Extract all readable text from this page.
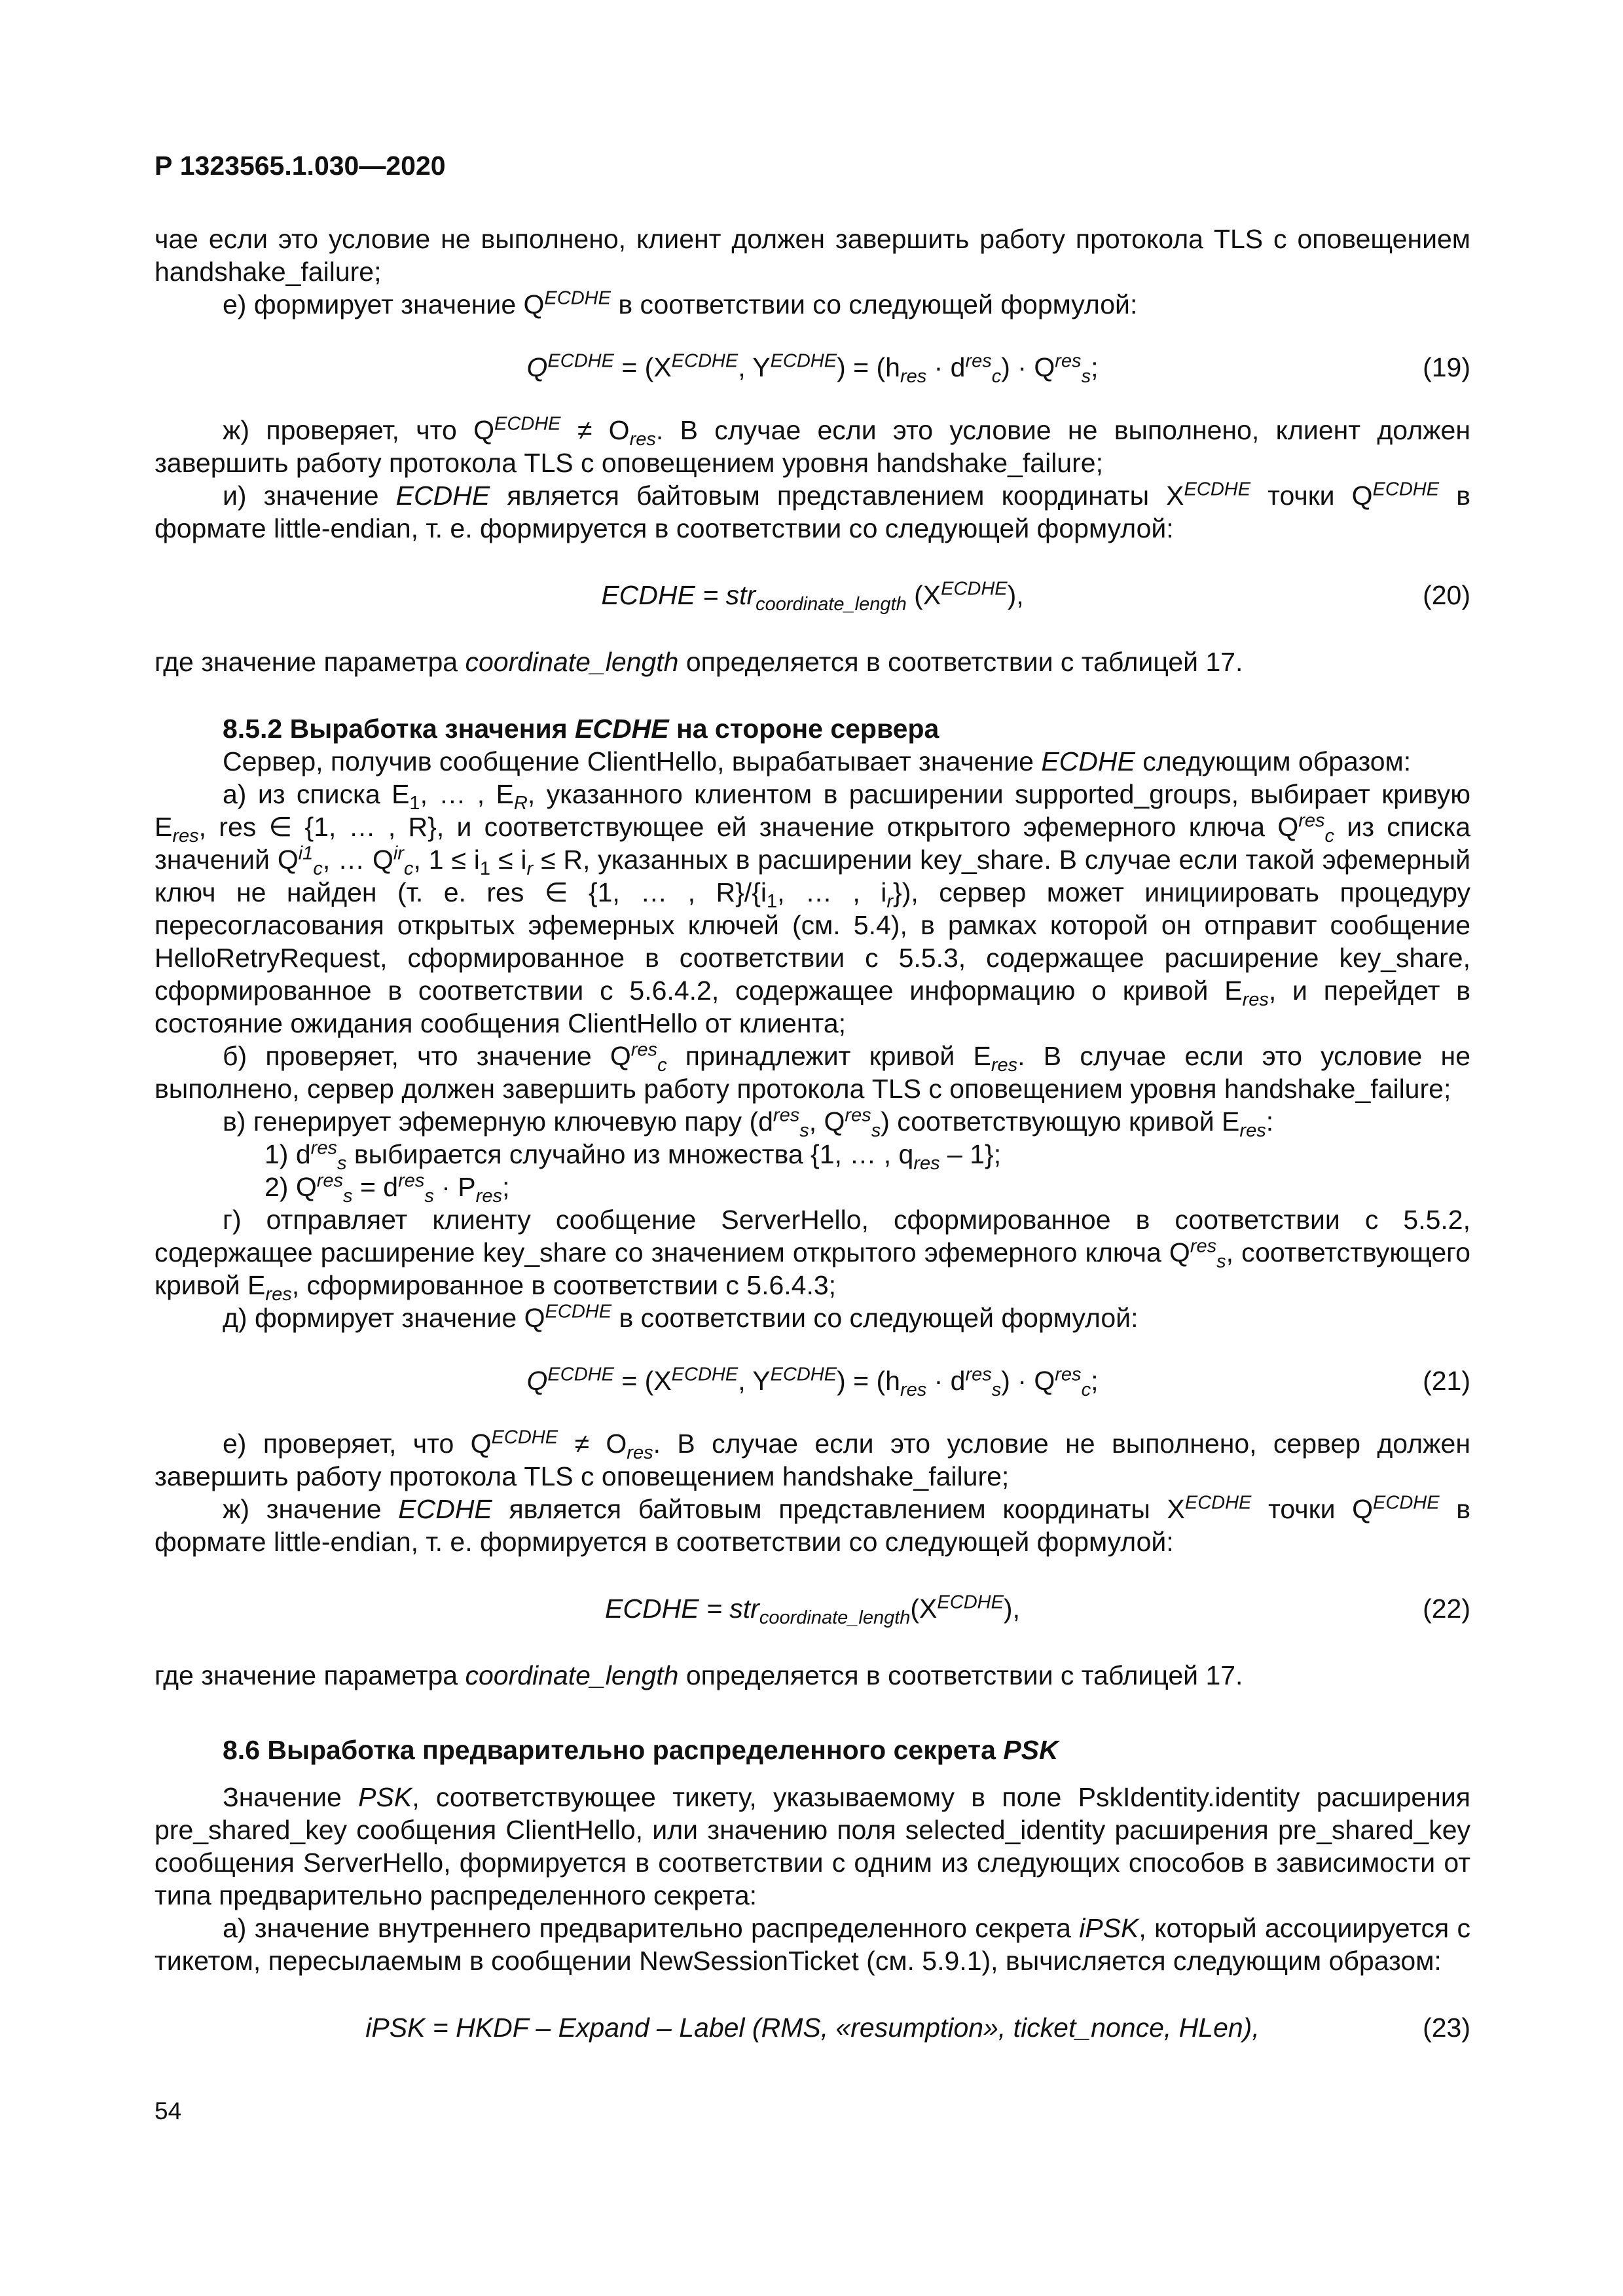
Р 1323565.1.030—2020

чае если это условие не выполнено, клиент должен завершить работу протокола TLS с оповещением handshake_failure;

е) формирует значение $Q^{ECDHE}$ в соответствии со следующей формулой:

$Q^{ECDHE} = (X^{ECDHE}$, $Y^{ECDHE}) = (h_{res} \cdot d^{res}_c) \cdot Q^{res}_s$;	(19)

ж) проверяет, что $Q^{ECDHE} \ne O_{res}$. В случае если это условие не выполнено, клиент должен завершить работу протокола TLS с оповещением уровня handshake_failure;

и) значение ECDHE является байтовым представлением координаты $X^{ECDHE}$ точки $Q^{ECDHE}$ в формате little-endian, т. е. формируется в соответствии со следующей формулой:

ECDHE = str$_{coordinate\_length}$ $(X^{ECDHE})$,	(20)

где значение параметра coordinate_length определяется в соответствии с таблицей 17.

8.5.2 Выработка значения ECDHE на стороне сервера

Сервер, получив сообщение ClientHello, вырабатывает значение ECDHE следующим образом:

а) из списка $E_1$, … , $E_R$, указанного клиентом в расширении supported_groups, выбирает кривую $E_{res}$, res ∈ {1, … , R}, и соответствующее ей значение открытого эфемерного ключа $Q^{res}_c$ из списка значений $Q^{i1}_c$, … $Q^{ir}_c$, $1 \le i_1 \le i_r \le R$, указанных в расширении key_share. В случае если такой эфемерный ключ не найден (т. е. res ∈ {1, … , $R\}/\{i_1$, … , $i_r$}), сервер может инициировать процедуру пересогласования открытых эфемерных ключей (см. 5.4), в рамках которой он отправит сообщение HelloRetryRequest, сформированное в соответствии с 5.5.3, содержащее расширение key_share, сформированное в соответствии с 5.6.4.2, содержащее информацию о кривой $E_{res}$, и перейдет в состояние ожидания сообщения ClientHello от клиента;

б) проверяет, что значение $Q^{res}_c$ принадлежит кривой $E_{res}$. В случае если это условие не выполнено, сервер должен завершить работу протокола TLS с оповещением уровня handshake_failure;

в) генерирует эфемерную ключевую пару ($d^{res}_s$, $Q^{res}_s$) соответствующую кривой $E_{res}$:

1) $d^{res}_s$ выбирается случайно из множества {1, … , $q_{res} - 1$};

2) $Q^{res}_s = d^{res}_s \cdot P_{res}$;

г) отправляет клиенту сообщение ServerHello, сформированное в соответствии с 5.5.2, содержащее расширение key_share со значением открытого эфемерного ключа $Q^{res}_s$, соответствующего кривой $E_{res}$, сформированное в соответствии с 5.6.4.3;

д) формирует значение $Q^{ECDHE}$ в соответствии со следующей формулой:

$Q^{ECDHE} = (X^{ECDHE}$, $Y^{ECDHE}) = (h_{res} \cdot d^{res}_s) \cdot Q^{res}_c$;	(21)

е) проверяет, что $Q^{ECDHE} \ne O_{res}$. В случае если это условие не выполнено, сервер должен завершить работу протокола TLS с оповещением handshake_failure;

ж) значение ECDHE является байтовым представлением координаты $X^{ECDHE}$ точки $Q^{ECDHE}$ в формате little-endian, т. е. формируется в соответствии со следующей формулой:

ECDHE = $str_{coordinate\_length}(X^{ECDHE})$,	(22)

где значение параметра coordinate_length определяется в соответствии с таблицей 17.

8.6 Выработка предварительно распределенного секрета PSK

Значение PSK, соответствующее тикету, указываемому в поле PskIdentity.identity расширения pre_shared_key сообщения ClientHello, или значению поля selected_identity расширения pre_shared_key сообщения ServerHello, формируется в соответствии с одним из следующих способов в зависимости от типа предварительно распределенного секрета:

а) значение внутреннего предварительно распределенного секрета iPSK, который ассоциируется с тикетом, пересылаемым в сообщении NewSessionTicket (см. 5.9.1), вычисляется следующим образом:

iPSK = HKDF – Expand – Label (RMS, «resumption», ticket_nonce, HLen),	(23)
54
